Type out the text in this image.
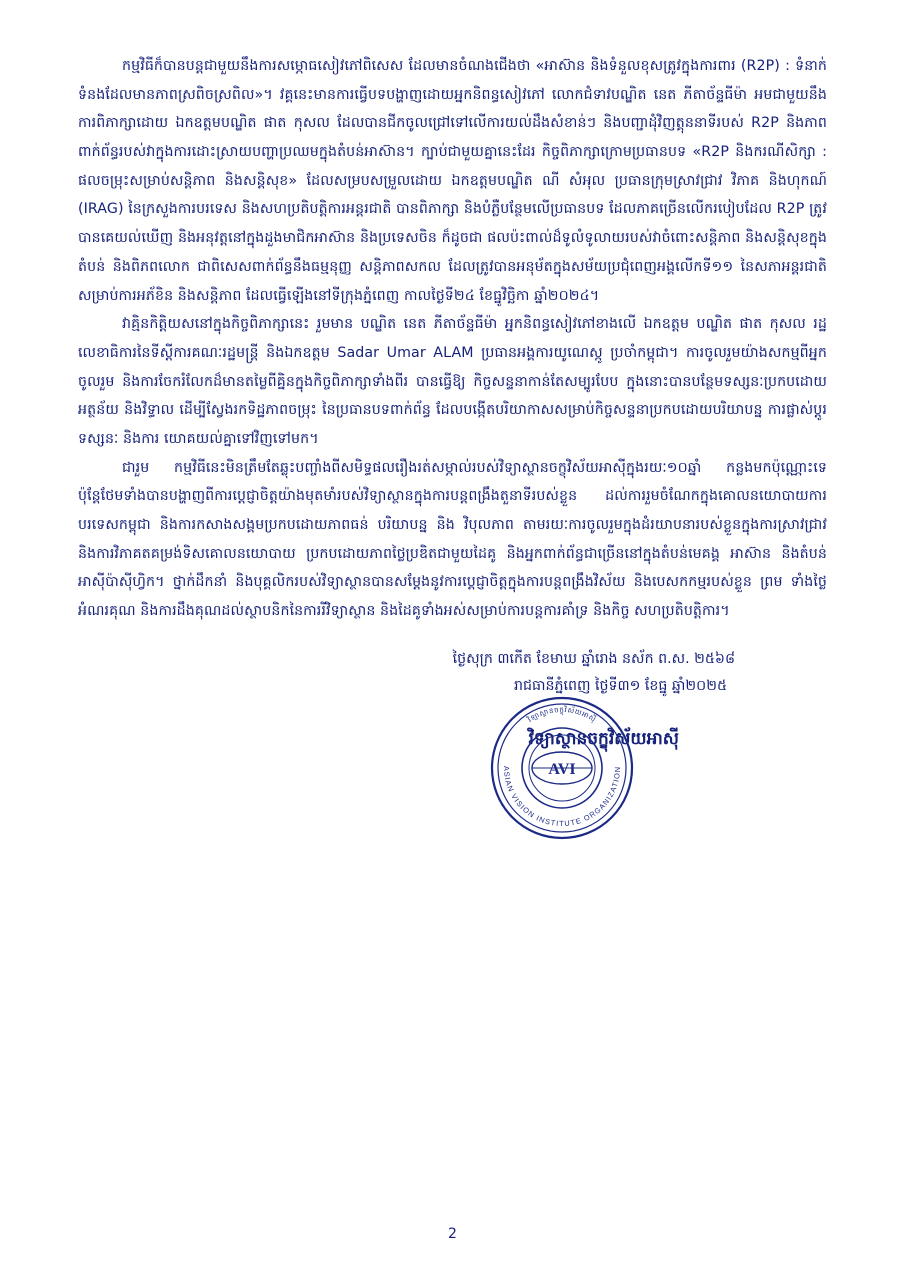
កម្មវិធីក៏បានបន្តជាមួយនឹងការសម្ភោធសៀវភៅពិសេស ដែលមានចំណងជើងថា «អាស៊ាន និងទំនួលខុសត្រូវក្នុងការពារ (R2P) : ទំនាក់ទំនងដែលមានភាពស្រពិចស្រពិល»។ វគ្គនេះមានការធ្វើបទបង្ហាញដោយអ្នកនិពន្ធសៀវភៅ លោកជំទាវបណ្ឌិត នេត ភីតាច័ន្ទធីម៉ា អមជាមួយនឹងការពិភាក្សាដោយ ឯកឧត្តមបណ្ឌិត ផាត កុសល ដែលបានជីកចូលជ្រៅទៅលើការយល់ដឹងសំខាន់ៗ និងបញ្ជាដុំវិញត្គុននាទីរបស់ R2P និងភាពពាក់ព័ន្ធរបស់វាក្នុងការដោះស្រាយបញ្ហាប្រឈមក្នុងតំបន់អាស៊ាន។ ក្បាប់ជាមួយគ្នានេះដែរ កិច្ចពិភាក្សាក្រោមប្រធានបទ «R2P និងករណីសិក្សា : ផលចម្រុះសម្រាប់សន្តិភាព និងសន្តិសុខ» ដែលសម្របសម្រួលដោយ ឯកឧត្តមបណ្ឌិត ណី សំអុល ប្រធានក្រុមស្រាវជ្រាវ វិភាគ និងហុកណ៍ (IRAG) នៃក្រសួងការបរទេស និងសហប្រតិបត្តិការអន្តរជាតិ បានពិភាក្សា និងបំភ្លឺបន្ថែមលើប្រធានបទ ដែលភាគច្រើនលើករបៀបដែល R2P ត្រូវបានគេយល់ឃើញ និងអនុវត្តនៅក្នុងដួងមាជិកអាស៊ាន និងប្រទេសចិន ក៏ដូចជា ផលប៉ះពាល់ដ៏ទូលំទូលាយរបស់វាចំពោះសន្តិភាព និងសន្តិសុខក្នុងតំបន់ និងពិភពលោក ជាពិសេសពាក់ព័ន្ធនឹងធម្មនុញ្ញ សន្តិភាពសកល ដែលត្រូវបានអនុម័តក្នុងសម័យប្រជុំពេញអង្គលើកទី១១ នៃសភាអន្តរជាតិសម្រាប់ការអភ័ខិន និងសន្តិភាព ដែលធ្វើឡើងនៅទីក្រុងភ្នំពេញ កាលថ្ងៃទី២៤ ខែធ្នូវិច្ឆិកា ឆ្នាំ២០២៤។

វាគ្មិនកិត្តិយសនៅក្នុងកិច្ចពិភាក្សានេះ រួមមាន បណ្ឌិត នេត ភីតាច័ន្ទធីម៉ា អ្នកនិពន្ធសៀវភៅខាងលើ ឯកឧត្តម បណ្ឌិត ផាត កុសល រដ្ឋលេខាធិការនៃទីស្ដីការគណៈរដ្ឋមន្ត្រី និងឯកឧត្តម Sadar Umar ALAM ប្រធានអង្គការយូណេស្កូ ប្រចាំកម្ពុជា។ ការចូលរួមយ៉ាងសកម្មពីអ្នកចូលរួម និងការចែករំលែកដ៏មានតម្លៃពីគ្និនក្នុងកិច្ចពិភាក្សាទាំងពីរ បានធ្វើឱ្យ កិច្ចសន្ទនាកាន់តែសម្បូរបែប ក្នុងនោះបានបន្ថែមទស្សនៈប្រកបដោយអត្ថន័យ និងវិទ្ធាល ដើម្បីស្វែងរកទិដ្ឋភាពចម្រុះ នៃប្រធានបទពាក់ព័ន្ធ ដែលបង្កើតបរិយាកាសសម្រាប់កិច្ចសន្ទនាប្រកបដោយបរិយាបន្ន ការផ្លាស់ប្ដូរទស្សនៈ និងការ យោគយល់គ្នាទៅវិញទៅមក។

ជារួម កម្មវិធីនេះមិនត្រឹមតែឆ្លុះបញ្ចាំងពីសមិទ្ធផលរឿងរត់សម្ភាល់របស់វិទ្យាស្ថានចក្ខុវិស័យអាស៊ីក្នុងរយៈ១០ឆ្នាំ កន្លងមកប៉ុណ្ណោះទេ ប៉ុន្តែថែមទាំងបានបង្ហាញពីការប្ដេជ្ញាចិត្តយ៉ាងមុតមាំរបស់វិទ្យាស្ថានក្នុងការបន្តពង្រឹងតួនាទីរបស់ខ្លួន ដល់ការរួមចំណែកក្នុងគោលនយោបាយការបរទេសកម្ពុជា និងការកសាងសង្គមប្រកបដោយភាពធន់ បរិយាបន្ន និង វិបុលភាព តាមរយៈការចូលរួមក្នុងដំរយាបនារបស់ខ្លួនក្នុងការស្រាវជ្រាវ និងការវិភាគតគម្រង់ទិសគោលនយោបាយ ប្រកបដោយភាពថ្លៃប្រឌិតជាមួយដៃគូ និងអ្នកពាក់ព័ន្ធជាច្រើននៅក្នុងតំបន់មេគង្គ អាស៊ាន និងតំបន់អាស៊ីប៉ាស៊ីហ្វិក។ ថ្នាក់ដឹកនាំ និងបុគ្គលិករបស់វិទ្យាស្ថានបានសម្ដែងនូវការប្ដេជ្ញាចិត្តក្នុងការបន្តពង្រឹងវិស័យ និងបេសកកម្មរបស់ខ្លួន ព្រម ទាំងថ្លៃអំណរគុណ និងការដឹងគុណដល់ស្ថាបនិកនៃការរីវិទ្យាស្ថាន និងដៃគូទាំងអស់សម្រាប់ការបន្តការគាំទ្រ និងកិច្ច សហប្រតិបត្តិការ។

ថ្ងៃសុក្រ ៣កើត ខែមាឃ ឆ្នាំរោង នស័ក ព.ស. ២៥៦៨
រាជធានីភ្នំពេញ ថ្ងៃទី៣១ ខែធ្នូ ឆ្នាំ២០២៥
វិទ្យាស្ថានចក្ខុវិស័យអាស៊ី
AVI
ASIAN VISION INSTITUTE ORGANIZATION
វិទ្យាស្ថានចក្ខុវិស័យអាស៊ី
2
